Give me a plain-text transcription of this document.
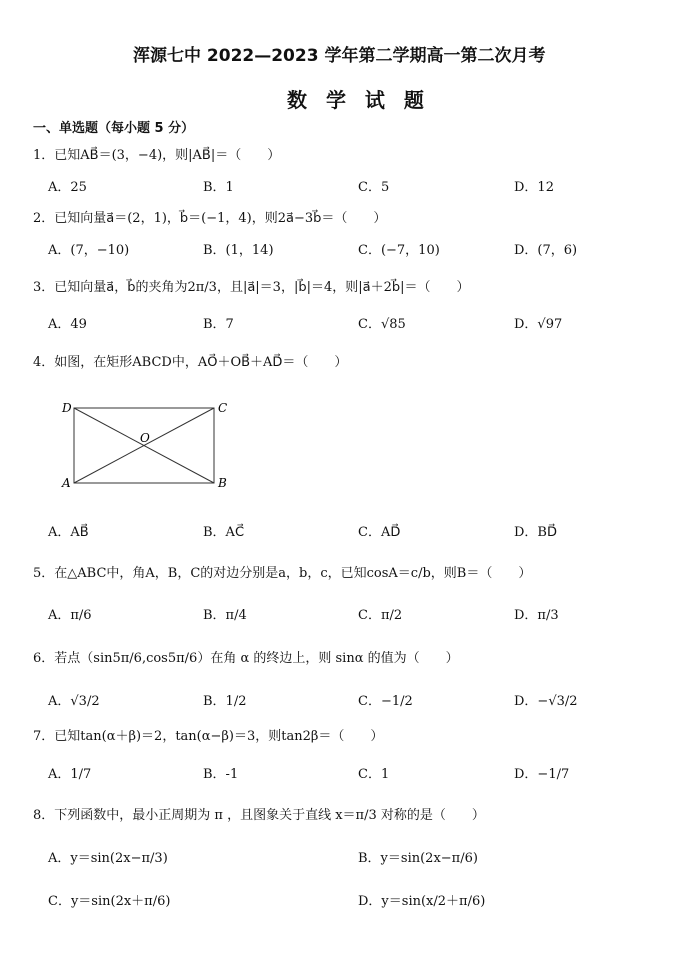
浑源七中 2022—2023 学年第二学期高一第二次月考
数 学 试 题
一、单选题（每小题 5 分）
1．已知AB⃗＝(3，−4)，则|AB⃗|＝（　　）
A．25	B．1	C．5	D．12
2．已知向量a⃗＝(2，1)，b⃗＝(−1，4)，则2a⃗−3b⃗＝（　　）
A．(7，−10)	B．(1，14)	C．(−7，10)	D．(7，6)
3．已知向量a⃗，b⃗的夹角为2π/3，且|a⃗|＝3，|b⃗|＝4，则|a⃗＋2b⃗|＝（　　）
A．49	B．7	C．√85	D．√97
4．如图，在矩形ABCD中，AO⃗＋OB⃗＋AD⃗＝（　　）
D	C
A	B
O
A．AB⃗	B．AC⃗	C．AD⃗	D．BD⃗
5．在△ABC中，角A，B，C的对边分别是a，b，c，已知cosA＝c/b，则B＝（　　）
A．π/6	B．π/4	C．π/2	D．π/3
6．若点（sin5π/6,cos5π/6）在角 α 的终边上，则 sinα 的值为（　　）
A．√3/2	B．1/2	C．−1/2	D．−√3/2
7．已知tan(α＋β)＝2，tan(α−β)＝3，则tan2β＝（　　）
A．1/7	B．-1	C．1	D．−1/7
8．下列函数中，最小正周期为 π ，且图象关于直线 x＝π/3 对称的是（　　）
A．y＝sin(2x−π/3)	B．y＝sin(2x−π/6)
C．y＝sin(2x＋π/6)	D．y＝sin(x/2＋π/6)
